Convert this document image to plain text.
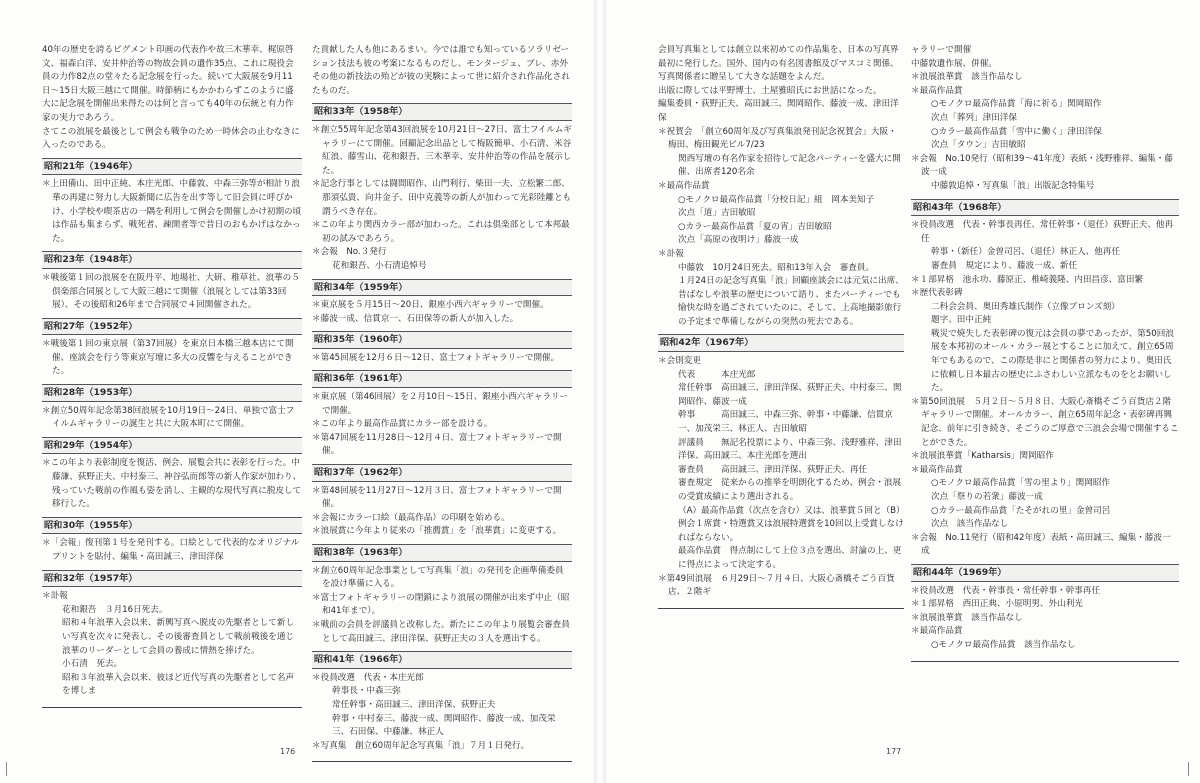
40年の歴史を誇るピグメント印画の代表作や故三木華幸、梶原啓文、福森白洋、安井仲治等の物故会員の遺作35点、これに現役会員の力作82点の堂々たる記念展を行った。続いて大阪展を9月11日〜15日大阪三越にて開催。時節柄にもかかわらずこのように盛大に記念展を開催出来得たのは何と言っても40年の伝統と有力作家の実力であろう。

さてこの浪展を最後として例会も戦争のため一時休会の止むなきに入ったのである。

昭和21年（1946年）

＊上田備山、田中正純、本庄光郎、中藤敦、中森三弥等が相計り浪華の再建に努力し大阪新聞に広告を出す等して旧会員に呼びかけ、小学校や喫茶店の一隅を利用して例会を開催しかけ初期の頃は作品も集まらず、戦死者、疎開者等で昔日のおもかげはなかった。

昭和23年（1948年）

＊戦後第１回の浪展を在阪丹平、地場社、大研、稚草社、浪華の５倶楽部合同展として大阪三越にて開催（浪展としては第33回展）、その後昭和26年まで合同展で４回開催された。

昭和27年（1952年）

＊戦後第１回の東京展（第37回展）を東京日本橋三越本店にて開催、座談会を行う等東京写壇に多大の反響を与えることができた。

昭和28年（1953年）

＊創立50周年記念第38回浪展を10月19日〜24日、単独で富士フイルムギャラリーの誕生と共に大阪本町にて開催。

昭和29年（1954年）

＊この年より表彰制度を復活、例会、展覧会共に表彰を行った。中藤謙、荻野正夫、中村泰三、神谷弘而郎等の新人作家が加わり、残っていた戦前の作風も姿を消し、主観的な現代写真に脱皮して移行した。

昭和30年（1955年）

＊「会報」復刊第１号を発刊する。口絵として代表的なオリジナルプリントを貼付、編集・高田誠三、津田洋保

昭和32年（1957年）

＊訃報

花和銀吾　３月16日死去。

昭和４年浪華入会以来、新興写真へ脱皮の先駆者として新しい写真を次々に発表し、その後審査員として戦前戦後を通じ浪華のリーダーとして会員の養成に情熱を捧げた。

小石清　死去。

昭和３年浪華入会以来、彼ほど近代写真の先駆者として名声を博しま

た貢献した人も他にあるまい。今では誰でも知っているソラリゼーション技法も彼の考案になるものだし、モンタージュ、ブレ、赤外その他の新技法の殆どが彼の実験によって世に紹介され作品化されたものだ。

昭和33年（1958年）

＊創立55周年記念第43回浪展を10月21日〜27日、富士フイルムギャラリーにて開催。回顧記念出品として梅阪簡単、小石清、米谷紅浪、藤雪山、花和銀吾、三木華幸、安井仲治等の作品を展示した。

＊記念行事としては闘間昭作、山門利行、柴田一夫、立松繁二郎、那須弘貴、向井金子、田中克義等の新人が加わって光彩陸離とも謂うべき存在。

＊この年より関西カラー部が加わった。これは倶楽部として本邦最初の試みであろう。

＊会報　No.３発行

花和銀吾、小石清追悼号

昭和34年（1959年）

＊東京展を５月15日〜20日、銀座小西六ギャラリーで開催。

＊藤波一成、信貫京一、石田保等の新人が加入した。

昭和35年（1960年）

＊第45回展を12月６日〜12日、富士フォトギャラリーで開催。

昭和36年（1961年）

＊東京展（第46回展）を２月10日〜15日、銀座小西六ギャラリーで開催。

＊この年より最高作品賞にカラー部を設ける。

＊第47回展を11月28日〜12月４日、富士フォトギャラリーで開催。

昭和37年（1962年）

＊第48回展を11月27日〜12月３日、富士フォトギャラリーで開催。

＊会報にカラー口絵（最高作品）の印刷を始める。

＊浪展賞に今年より従来の「推薦賞」を「浪華賞」に変更する。

昭和38年（1963年）

＊創立60周年記念事業として写真集「浪」の発刊を企画準備委員を設け準備に入る。

＊富士フォトギャラリーの閉鎖により浪展の開催が出来ず中止（昭和41年まで）。

＊戦前の会員を評議員と改称した。新たにこの年より展覧会審査員として高田誠三、津田洋保、荻野正夫の３人を選出する。

昭和41年（1966年）

＊役員改選　代表・本庄光郎

幹事長・中森三弥

常任幹事・高田誠三、津田洋保、荻野正夫

幹事・中村泰三、藤波一成、関岡昭作、藤波一成、加茂栄三、石田保、中藤謙、林正人

＊写真集　創立60周年記念写真集「浪」７月１日発行。

176

会員写真集としては創立以来初めての作品集を、日本の写真界最初に発行した。国外、国内の有名図書館及びマスコミ関係、写真関係者に贈呈して大きな話題をよんだ。

出版に際しては平野博士、土屋雅昭氏にお世話になった。

編集委員・荻野正夫、高田誠三、関岡昭作、藤波一成、津田洋保

＊祝賀会　「創立60周年及び写真集浪発刊記念祝賀会」大阪・梅田、梅田観光ビル7/23

関西写壇の有名作家を招待して記念パーティーを盛大に開催、出席者120名余

＊最高作品賞

○モノクロ最高作品賞「分校日記」組　岡本美知子

次点「道」吉田敏昭

○カラー最高作品賞「夏の宵」吉田敏昭

次点「高原の夜明け」藤波一成

＊訃報

中藤敦　10月24日死去。昭和13年入会　審査員。

１月24日の記念写真集「浪」回顧座談会には元気に出席、昔ばなしや浪華の歴史について語り、またパーティーでも愉快な時を過ごされていたのに、そして、上高地撮影旅行の予定まで準備しながらの突然の死去である。

昭和42年（1967年）

＊会則変更

代表　　　本庄光郎

常任幹事　高田誠三、津田洋保、荻野正夫、中村泰三、関岡昭作、藤波一成

幹事　　　高田誠三、中森三弥、幹事・中藤謙、信貫京一、加茂栄三、林正人、吉田敏昭

評議員　　無記名投票により、中森三弥、浅野雅祥、津田洋保、高田誠三、本庄光郎を選出

審査員　　高田誠三、津田洋保、荻野正夫、再任

審査規定　従来からの推挙を明朗化するため、例会・浪展の受賞成績により選出される。

（A）最高作品賞（次点を含む）又は、浪華賞５回と（B）例会１席賞・特選賞又は浪展特選賞を10回以上受賞しなければならない。

最高作品賞　得点制にして上位３点を選出、討論の上、更に得点によって決定する。

＊第49回浪展　６月29日〜７月４日、大阪心斎橋そごう百貨店、２階ギ

ャラリーで開催

中藤敦遺作展、併催。

＊浪展浪華賞　該当作品なし

＊最高作品賞

○モノクロ最高作品賞「海に祈る」関岡昭作

次点「葬列」津田洋保

○カラー最高作品賞「雪中に働く」津田洋保

次点「タウン」吉田敏昭

＊会報　No.10発行（昭和39〜41年度）表紙・浅野雅祥、編集・藤波一成

中藤敦追悼・写真集「浪」出版記念特集号

昭和43年（1968年）

＊役員改選　代表・幹事長再任、常任幹事・（退任）荻野正夫、他再任

幹事・（新任）金曽司呂、（退任）林正人、他再任

審査員　規定により、藤波一成、新任

＊１部昇格　池永功、藤原正、椎崎義隆、内田昌彦、富田繁

＊歴代表彰碑

二科会会員、奥田秀雄氏制作（立像ブロンズ刻）

題字、田中正純

戦災で焼失した表彰碑の復元は会員の夢であったが、第50回浪展を本邦初のオール・カラー展とすることに加えて、創立65周年でもあるので、この際是非にと関係者の努力により、奥田氏に依頼し日本最古の歴史にふさわしい立派なものをとお願いした。

＊第50回浪展　５月２日〜５月８日、大阪心斎橋そごう百貨店２階ギャラリーで開催。オールカラー、創立65周年記念・表彰碑再興記念、前年に引き続き、そごうのご厚意で三浪会会場で開催することができた。

＊浪展浪華賞「Katharsis」関岡昭作

＊最高作品賞

○モノクロ最高作品賞「雪の里より」関岡昭作

次点「祭りの若衆」藤波一成

○カラー最高作品賞「たそがれの里」金曽司呂

次点　該当作品なし

＊会報　No.11発行（昭和42年度）表紙・高田誠三、編集・藤波一成

昭和44年（1969年）

＊役員改選　代表・幹事長・常任幹事・幹事再任

＊１部昇格　西田正典、小原明男、外山利光

＊浪展浪華賞　該当作品なし

＊最高作品賞

○モノクロ最高作品賞　該当作品なし

177
